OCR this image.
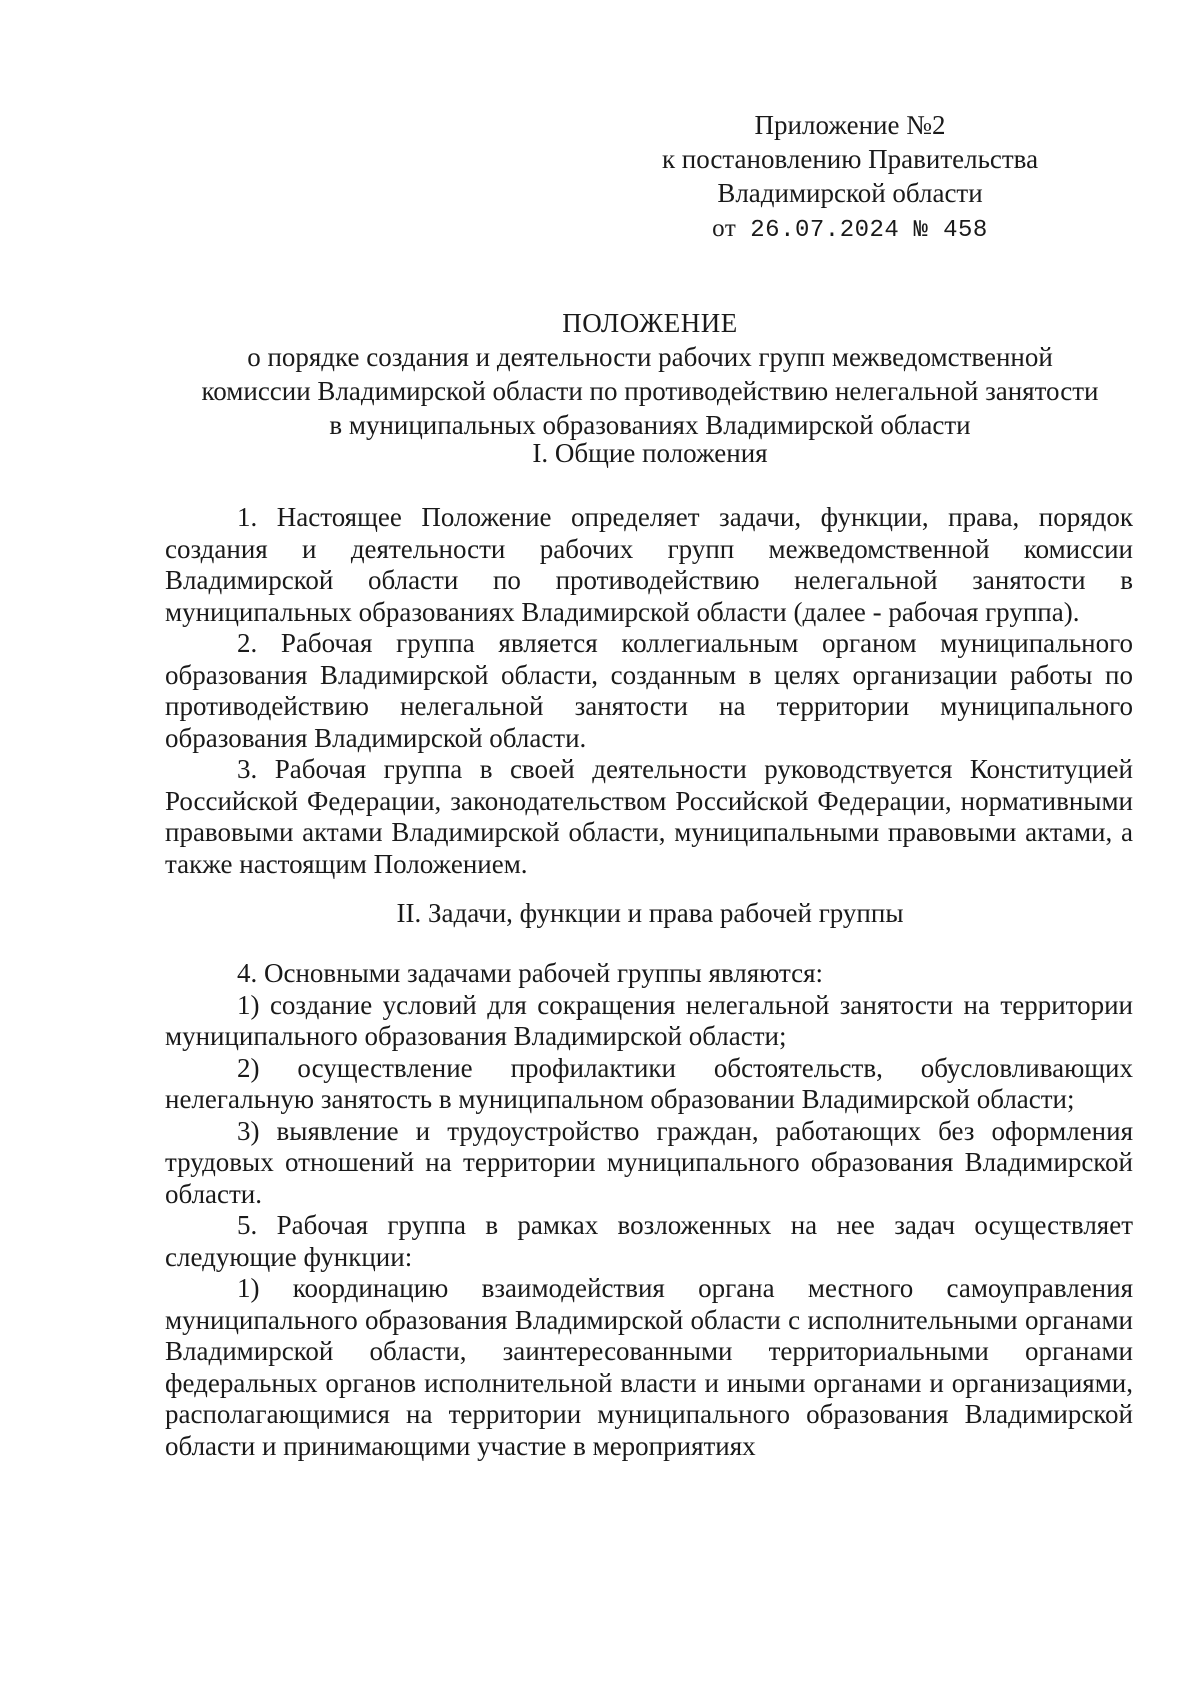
Приложение №2
к постановлению Правительства
Владимирской области
от 26.07.2024 № 458
ПОЛОЖЕНИЕ
о порядке создания и деятельности рабочих групп межведомственной
комиссии Владимирской области по противодействию нелегальной занятости
в муниципальных образованиях Владимирской области
I. Общие положения

1. Настоящее Положение определяет задачи, функции, права, порядок создания и деятельности рабочих групп межведомственной комиссии Владимирской области по противодействию нелегальной занятости в муниципальных образованиях Владимирской области (далее - рабочая группа).

2. Рабочая группа является коллегиальным органом муниципального образования Владимирской области, созданным в целях организации работы по противодействию нелегальной занятости на территории муниципального образования Владимирской области.

3. Рабочая группа в своей деятельности руководствуется Конституцией Российской Федерации, законодательством Российской Федерации, нормативными правовыми актами Владимирской области, муниципальными правовыми актами, а также настоящим Положением.

II. Задачи, функции и права рабочей группы

4. Основными задачами рабочей группы являются:

1) создание условий для сокращения нелегальной занятости на территории муниципального образования Владимирской области;

2) осуществление профилактики обстоятельств, обусловливающих нелегальную занятость в муниципальном образовании Владимирской области;

3) выявление и трудоустройство граждан, работающих без оформления трудовых отношений на территории муниципального образования Владимирской области.

5. Рабочая группа в рамках возложенных на нее задач осуществляет следующие функции:

1) координацию взаимодействия органа местного самоуправления муниципального образования Владимирской области с исполнительными органами Владимирской области, заинтересованными территориальными органами федеральных органов исполнительной власти и иными органами и организациями, располагающимися на территории муниципального образования Владимирской области и принимающими участие в мероприятиях
